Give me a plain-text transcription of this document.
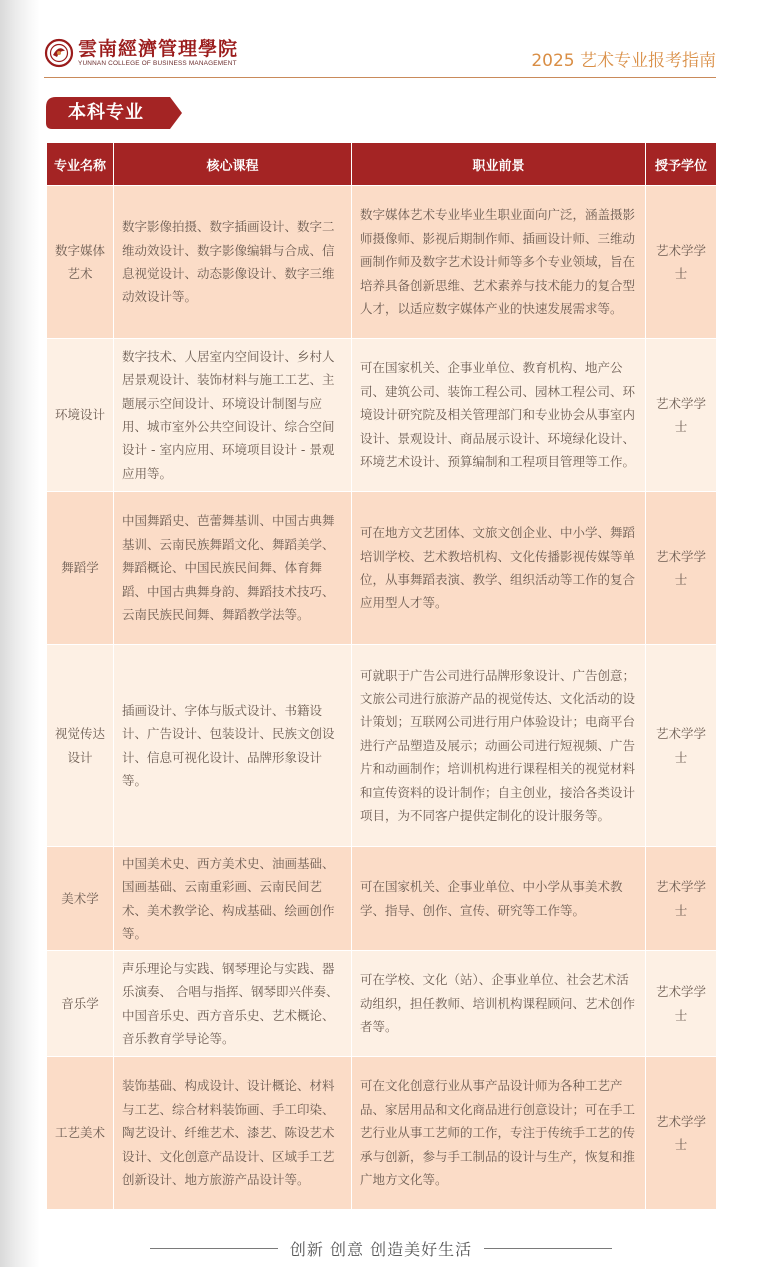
雲南經濟管理學院
YUNNAN COLLEGE OF BUSINESS MANAGEMENT	2025 艺术专业报考指南
本科专业
专业名称	核心课程	职业前景	授予学位
数字媒体艺术	数字影像拍摄、数字插画设计、数字二维动效设计、数字影像编辑与合成、信息视觉设计、动态影像设计、数字三维动效设计等。	数字媒体艺术专业毕业生职业面向广泛，涵盖摄影师摄像师、影视后期制作师、插画设计师、三维动画制作师及数字艺术设计师等多个专业领域，旨在培养具备创新思维、艺术素养与技术能力的复合型人才，以适应数字媒体产业的快速发展需求等。	艺术学学士
环境设计	数字技术、人居室内空间设计、乡村人居景观设计、装饰材料与施工工艺、主题展示空间设计、环境设计制图与应用、城市室外公共空间设计、综合空间设计 - 室内应用、环境项目设计 - 景观应用等。	可在国家机关、企事业单位、教育机构、地产公司、建筑公司、装饰工程公司、园林工程公司、环境设计研究院及相关管理部门和专业协会从事室内设计、景观设计、商品展示设计、环境绿化设计、环境艺术设计、预算编制和工程项目管理等工作。	艺术学学士
舞蹈学	中国舞蹈史、芭蕾舞基训、中国古典舞基训、云南民族舞蹈文化、舞蹈美学、舞蹈概论、中国民族民间舞、体育舞蹈、中国古典舞身韵、舞蹈技术技巧、云南民族民间舞、舞蹈教学法等。	可在地方文艺团体、文旅文创企业、中小学、舞蹈培训学校、艺术教培机构、文化传播影视传媒等单位，从事舞蹈表演、教学、组织活动等工作的复合应用型人才等。	艺术学学士
视觉传达设计	插画设计、字体与版式设计、书籍设计、广告设计、包装设计、民族文创设计、信息可视化设计、品牌形象设计等。	可就职于广告公司进行品牌形象设计、广告创意；文旅公司进行旅游产品的视觉传达、文化活动的设计策划；互联网公司进行用户体验设计；电商平台进行产品塑造及展示；动画公司进行短视频、广告片和动画制作；培训机构进行课程相关的视觉材料和宣传资料的设计制作；自主创业，接洽各类设计项目，为不同客户提供定制化的设计服务等。	艺术学学士
美术学	中国美术史、西方美术史、油画基础、国画基础、云南重彩画、云南民间艺术、美术教学论、构成基础、绘画创作等。	可在国家机关、企事业单位、中小学从事美术教学、指导、创作、宣传、研究等工作等。	艺术学学士
音乐学	声乐理论与实践、钢琴理论与实践、器乐演奏、 合唱与指挥、钢琴即兴伴奏、中国音乐史、西方音乐史、艺术概论、音乐教育学导论等。	可在学校、文化（站）、企事业单位、社会艺术活动组织，担任教师、培训机构课程顾问、艺术创作者等。	艺术学学士
工艺美术	装饰基础、构成设计、设计概论、材料与工艺、综合材料装饰画、手工印染、陶艺设计、纤维艺术、漆艺、陈设艺术设计、文化创意产品设计、区域手工艺创新设计、地方旅游产品设计等。	可在文化创意行业从事产品设计师为各种工艺产品、家居用品和文化商品进行创意设计；可在手工艺行业从事工艺师的工作，专注于传统手工艺的传承与创新，参与手工制品的设计与生产，恢复和推广地方文化等。	艺术学学士
创新 创意 创造美好生活
